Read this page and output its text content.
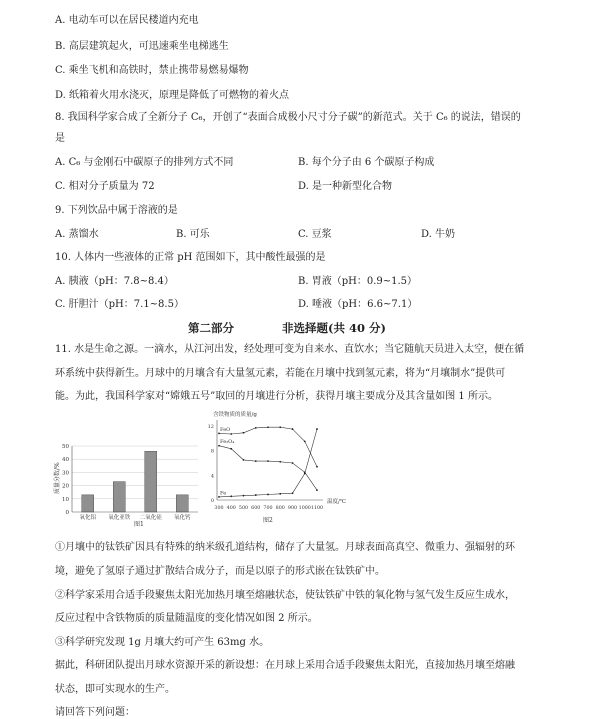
A. 电动车可以在居民楼道内充电
B. 高层建筑起火，可迅速乘坐电梯逃生
C. 乘坐飞机和高铁时，禁止携带易燃易爆物
D. 纸箱着火用水浇灭，原理是降低了可燃物的着火点
8. 我国科学家合成了全新分子 C₆，开创了“表面合成极小尺寸分子碳”的新范式。关于 C₆ 的说法，错误的
是
A. C₆ 与金刚石中碳原子的排列方式不同	B. 每个分子由 6 个碳原子构成
C. 相对分子质量为 72	D. 是一种新型化合物
9. 下列饮品中属于溶液的是
A. 蒸馏水	B. 可乐	C. 豆浆	D. 牛奶
10. 人体内一些液体的正常 pH 范围如下，其中酸性最强的是
A. 胰液（pH：7.8~8.4）	B. 胃液（pH：0.9~1.5）
C. 肝胆汁（pH：7.1~8.5）	D. 唾液（pH：6.6~7.1）
第二部分	非选择题(共 40 分)
11. 水是生命之源。一滴水，从江河出发，经处理可变为自来水、直饮水；当它随航天员进入太空，便在循
环系统中获得新生。月球中的月壤含有大量氢元素，若能在月壤中找到氢元素，将为“月壤制水”提供可
能。为此，我国科学家对“嫦娥五号”取回的月壤进行分析，获得月壤主要成分及其含量如图 1 所示。
0
10
20
30
40
50
氧化铝 氧化亚铁 二氧化硅 氧化钙
质量分数/%
图1
含铁物质的质量/g
0
4
8
12
300 400 500 600 700 800 900 1000 1100
FeO
Fe₃O₄
Fe
温度/℃
图2
①月壤中的钛铁矿因具有特殊的纳米级孔道结构，储存了大量氢。月球表面高真空、微重力、强辐射的环
境，避免了氢原子通过扩散结合成分子，而是以原子的形式嵌在钛铁矿中。
②科学家采用合适手段聚焦太阳光加热月壤至熔融状态，使钛铁矿中铁的氧化物与氢气发生反应生成水，
反应过程中含铁物质的质量随温度的变化情况如图 2 所示。
③科学研究发现 1g 月壤大约可产生 63mg 水。
据此，科研团队提出月球水资源开采的新设想：在月球上采用合适手段聚焦太阳光，直接加热月壤至熔融
状态，即可实现水的生产。
请回答下列问题：
